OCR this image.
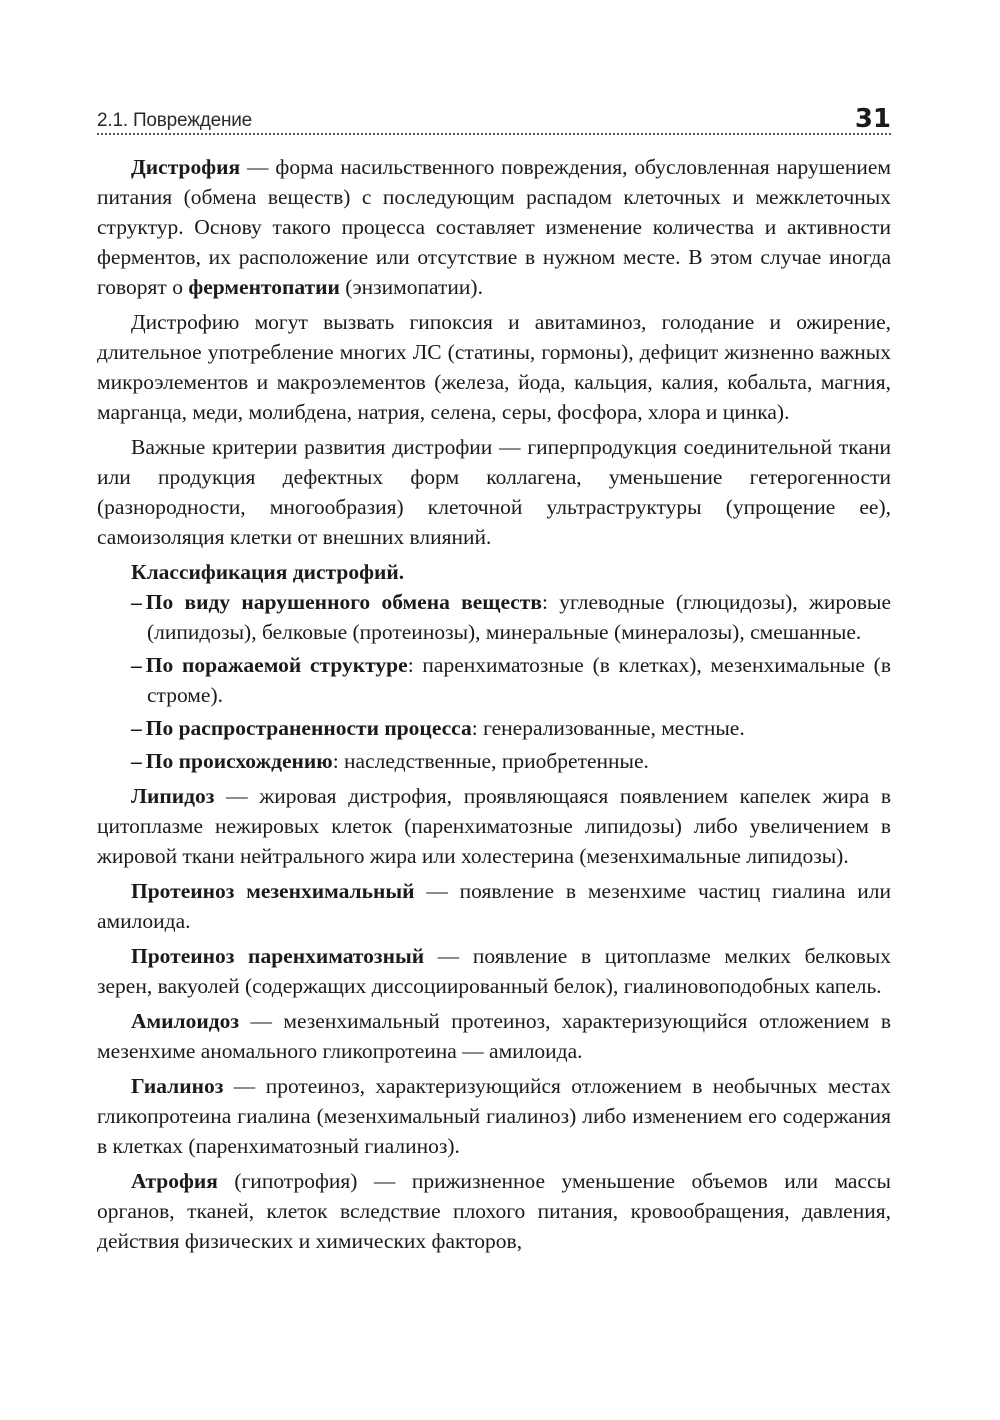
2.1. Повреждение	31

Дистрофия — форма насильственного повреждения, обусловленная нарушением питания (обмена веществ) с последующим распадом клеточных и межклеточных структур. Основу такого процесса составляет изменение количества и активности ферментов, их расположение или отсутствие в нужном месте. В этом случае иногда говорят о ферментопатии (энзимопатии).

Дистрофию могут вызвать гипоксия и авитаминоз, голодание и ожирение, длительное употребление многих ЛС (статины, гормоны), дефицит жизненно важных микроэлементов и макроэлементов (железа, йода, кальция, калия, кобальта, магния, марганца, меди, молибдена, натрия, селена, серы, фосфора, хлора и цинка).

Важные критерии развития дистрофии — гиперпродукция соединительной ткани или продукция дефектных форм коллагена, уменьшение гетерогенности (разнородности, многообразия) клеточной ультраструктуры (упрощение ее), самоизоляция клетки от внешних влияний.

Классификация дистрофий.

– По виду нарушенного обмена веществ: углеводные (глюцидозы), жировые (липидозы), белковые (протеинозы), минеральные (минералозы), смешанные.
– По поражаемой структуре: паренхиматозные (в клетках), мезенхимальные (в строме).
– По распространенности процесса: генерализованные, местные.
– По происхождению: наследственные, приобретенные.

Липидоз — жировая дистрофия, проявляющаяся появлением капелек жира в цитоплазме нежировых клеток (паренхиматозные липидозы) либо увеличением в жировой ткани нейтрального жира или холестерина (мезенхимальные липидозы).

Протеиноз мезенхимальный — появление в мезенхиме частиц гиалина или амилоида.

Протеиноз паренхиматозный — появление в цитоплазме мелких белковых зерен, вакуолей (содержащих диссоциированный белок), гиалиновоподобных капель.

Амилоидоз — мезенхимальный протеиноз, характеризующийся отложением в мезенхиме аномального гликопротеина — амилоида.

Гиалиноз — протеиноз, характеризующийся отложением в необычных местах гликопротеина гиалина (мезенхимальный гиалиноз) либо изменением его содержания в клетках (паренхиматозный гиалиноз).

Атрофия (гипотрофия) — прижизненное уменьшение объемов или массы органов, тканей, клеток вследствие плохого питания, кровообращения, давления, действия физических и химических факторов,
